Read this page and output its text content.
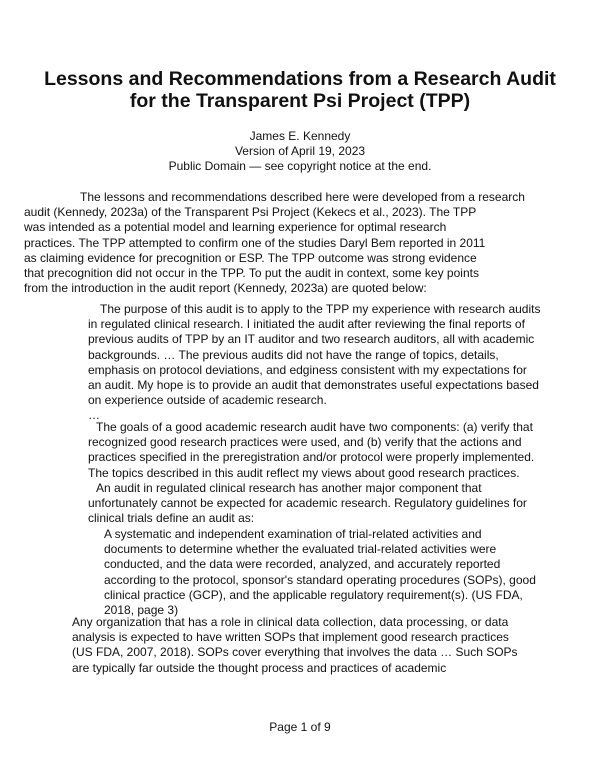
Lessons and Recommendations from a Research Audit
for the Transparent Psi Project (TPP)

James E. Kennedy

Version of April 19, 2023

Public Domain — see copyright notice at the end.

The lessons and recommendations described here were developed from a research
audit (Kennedy, 2023a) of the Transparent Psi Project (Kekecs et al., 2023). The TPP
was intended as a potential model and learning experience for optimal research
practices. The TPP attempted to confirm one of the studies Daryl Bem reported in 2011
as claiming evidence for precognition or ESP. The TPP outcome was strong evidence
that precognition did not occur in the TPP. To put the audit in context, some key points
from the introduction in the audit report (Kennedy, 2023a) are quoted below:
The purpose of this audit is to apply to the TPP my experience with research audits
in regulated clinical research. I initiated the audit after reviewing the final reports of
previous audits of TPP by an IT auditor and two research auditors, all with academic
backgrounds. … The previous audits did not have the range of topics, details,
emphasis on protocol deviations, and edginess consistent with my expectations for
an audit. My hope is to provide an audit that demonstrates useful expectations based
on experience outside of academic research.
…
The goals of a good academic research audit have two components: (a) verify that
recognized good research practices were used, and (b) verify that the actions and
practices specified in the preregistration and/or protocol were properly implemented.
The topics described in this audit reflect my views about good research practices.
An audit in regulated clinical research has another major component that
unfortunately cannot be expected for academic research. Regulatory guidelines for
clinical trials define an audit as:
A systematic and independent examination of trial-related activities and
documents to determine whether the evaluated trial-related activities were
conducted, and the data were recorded, analyzed, and accurately reported
according to the protocol, sponsor's standard operating procedures (SOPs), good
clinical practice (GCP), and the applicable regulatory requirement(s). (US FDA,
2018, page 3)
Any organization that has a role in clinical data collection, data processing, or data
analysis is expected to have written SOPs that implement good research practices
(US FDA, 2007, 2018). SOPs cover everything that involves the data … Such SOPs
are typically far outside the thought process and practices of academic

Page 1 of 9
